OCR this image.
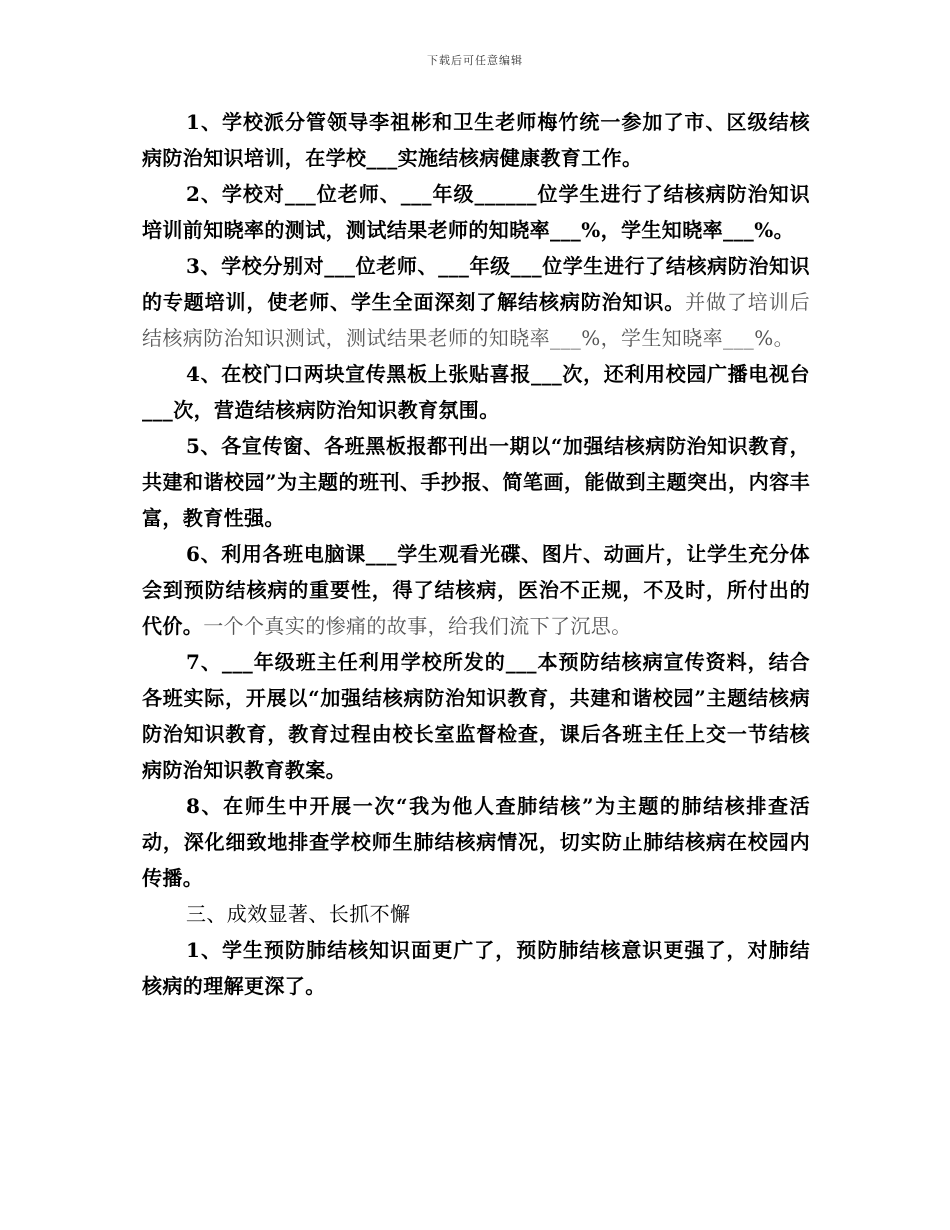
下载后可任意编辑

1、学校派分管领导李祖彬和卫生老师梅竹统一参加了市、区级结核病防治知识培训，在学校___实施结核病健康教育工作。

2、学校对___位老师、___年级______位学生进行了结核病防治知识培训前知晓率的测试，测试结果老师的知晓率___%，学生知晓率___%。

3、学校分别对___位老师、___年级___位学生进行了结核病防治知识的专题培训，使老师、学生全面深刻了解结核病防治知识。并做了培训后结核病防治知识测试，测试结果老师的知晓率___%，学生知晓率___%。

4、在校门口两块宣传黑板上张贴喜报___次，还利用校园广播电视台___次，营造结核病防治知识教育氛围。

5、各宣传窗、各班黑板报都刊出一期以“加强结核病防治知识教育，共建和谐校园”为主题的班刊、手抄报、简笔画，能做到主题突出，内容丰富，教育性强。

6、利用各班电脑课___学生观看光碟、图片、动画片，让学生充分体会到预防结核病的重要性，得了结核病，医治不正规，不及时，所付出的代价。一个个真实的惨痛的故事，给我们流下了沉思。

7、___年级班主任利用学校所发的___本预防结核病宣传资料，结合各班实际，开展以“加强结核病防治知识教育，共建和谐校园”主题结核病防治知识教育，教育过程由校长室监督检查，课后各班主任上交一节结核病防治知识教育教案。

8、在师生中开展一次“我为他人查肺结核”为主题的肺结核排查活动，深化细致地排查学校师生肺结核病情况，切实防止肺结核病在校园内传播。

三、成效显著、长抓不懈

1、学生预防肺结核知识面更广了，预防肺结核意识更强了，对肺结核病的理解更深了。
